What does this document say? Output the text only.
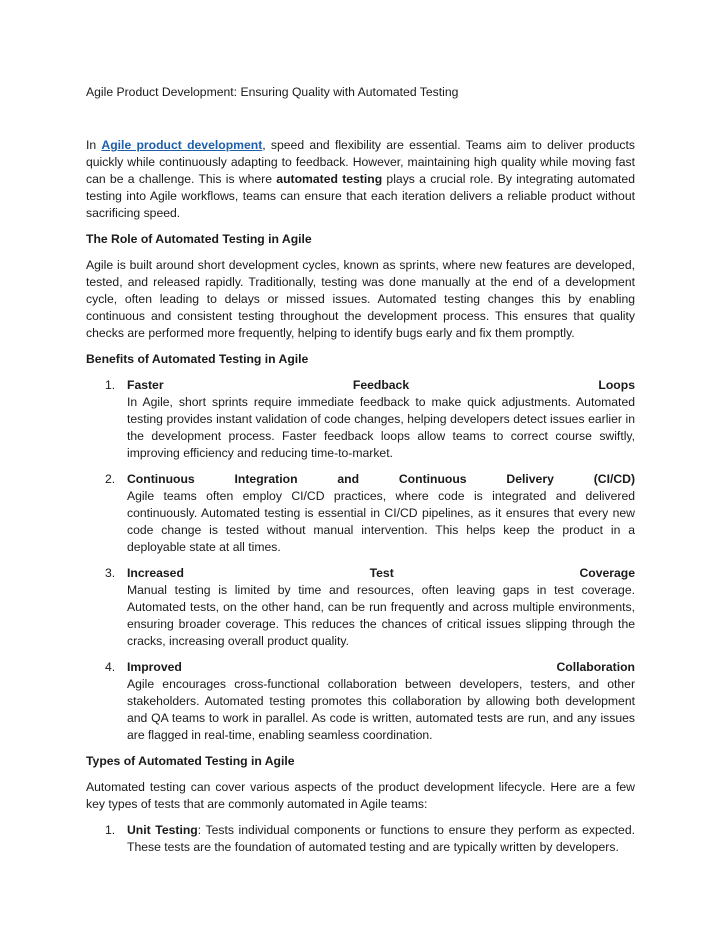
Agile Product Development: Ensuring Quality with Automated Testing

In Agile product development, speed and flexibility are essential. Teams aim to deliver products quickly while continuously adapting to feedback. However, maintaining high quality while moving fast can be a challenge. This is where automated testing plays a crucial role. By integrating automated testing into Agile workflows, teams can ensure that each iteration delivers a reliable product without sacrificing speed.

The Role of Automated Testing in Agile

Agile is built around short development cycles, known as sprints, where new features are developed, tested, and released rapidly. Traditionally, testing was done manually at the end of a development cycle, often leading to delays or missed issues. Automated testing changes this by enabling continuous and consistent testing throughout the development process. This ensures that quality checks are performed more frequently, helping to identify bugs early and fix them promptly.

Benefits of Automated Testing in Agile

1. Faster	Feedback	Loops
In Agile, short sprints require immediate feedback to make quick adjustments. Automated testing provides instant validation of code changes, helping developers detect issues earlier in the development process. Faster feedback loops allow teams to correct course swiftly, improving efficiency and reducing time-to-market.
2. Continuous	Integration	and	Continuous	Delivery	(CI/CD)
Agile teams often employ CI/CD practices, where code is integrated and delivered continuously. Automated testing is essential in CI/CD pipelines, as it ensures that every new code change is tested without manual intervention. This helps keep the product in a deployable state at all times.
3. Increased	Test	Coverage
Manual testing is limited by time and resources, often leaving gaps in test coverage. Automated tests, on the other hand, can be run frequently and across multiple environments, ensuring broader coverage. This reduces the chances of critical issues slipping through the cracks, increasing overall product quality.
4. Improved	Collaboration
Agile encourages cross-functional collaboration between developers, testers, and other stakeholders. Automated testing promotes this collaboration by allowing both development and QA teams to work in parallel. As code is written, automated tests are run, and any issues are flagged in real-time, enabling seamless coordination.

Types of Automated Testing in Agile

Automated testing can cover various aspects of the product development lifecycle. Here are a few key types of tests that are commonly automated in Agile teams:

1. Unit Testing: Tests individual components or functions to ensure they perform as expected. These tests are the foundation of automated testing and are typically written by developers.
